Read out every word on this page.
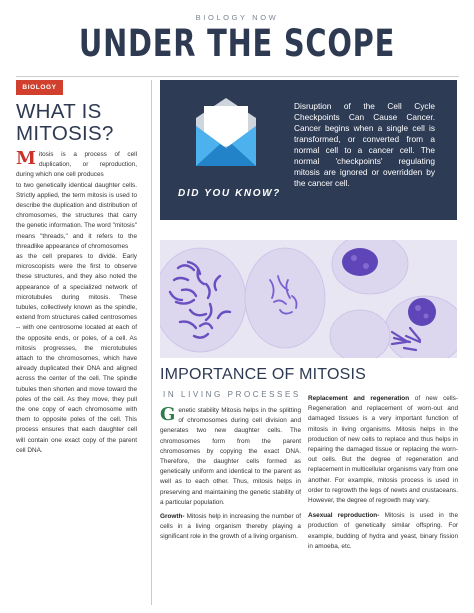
BIOLOGY NOW
UNDER THE SCOPE
BIOLOGY
WHAT IS
MITOSIS?

Mitosis is a process of cell duplication, or reproduction, during which one cell produces

to two genetically identical daughter cells. Strictly applied, the term mitosis is used to describe the duplication and distribution of chromosomes, the structures that carry the genetic information. The word "mitosis" means "threads," and it refers to the threadlike appearance of chromosomes

as the cell prepares to divide. Early microscopists were the first to observe these structures, and they also noted the appearance of a specialized network of microtubules during mitosis. These tubules, collectively known as the spindle, extend from structures called centrosomes -- with one centrosome located at each of the opposite ends, or poles, of a cell. As mitosis progresses, the microtubules attach to the chromosomes, which have already duplicated their DNA and aligned across the center of the cell. The spindle tubules then shorten and move toward the poles of the cell. As they move, they pull the one copy of each chromosome with them to opposite poles of the cell. This process ensures that each daughter cell will contain one exact copy of the parent cell DNA.

DID YOU KNOW?
Disruption of the Cell Cycle Checkpoints Can Cause Cancer. Cancer begins when a single cell is transformed, or converted from a normal cell to a cancer cell. The normal 'checkpoints' regulating mitosis are ignored or overridden by the cancer cell.
IMPORTANCE OF MITOSIS
IN LIVING PROCESSES

Genetic stability Mitosis helps in the splitting of chromosomes during cell division and generates two new daughter cells. The chromosomes form from the parent chromosomes by copying the exact DNA. Therefore, the daughter cells formed as genetically uniform and identical to the parent as well as to each other. Thus, mitosis helps in preserving and maintaining the genetic stability of a particular population.

Growth- Mitosis help in increasing the number of cells in a living organism thereby playing a significant role in the growth of a living organism.

Replacement and regeneration of new cells- Regeneration and replacement of worn-out and damaged tissues is a very important function of mitosis in living organisms. Mitosis helps in the production of new cells to replace and thus helps in repairing the damaged tissue or replacing the worn-out cells. But the degree of regeneration and replacement in multicellular organisms vary from one another. For example, mitosis process is used in order to regrowth the legs of newts and crustaceans. However, the degree of regrowth may vary.

Asexual reproduction- Mitosis is used in the production of genetically similar offspring. For example, budding of hydra and yeast, binary fission in amoeba, etc.
